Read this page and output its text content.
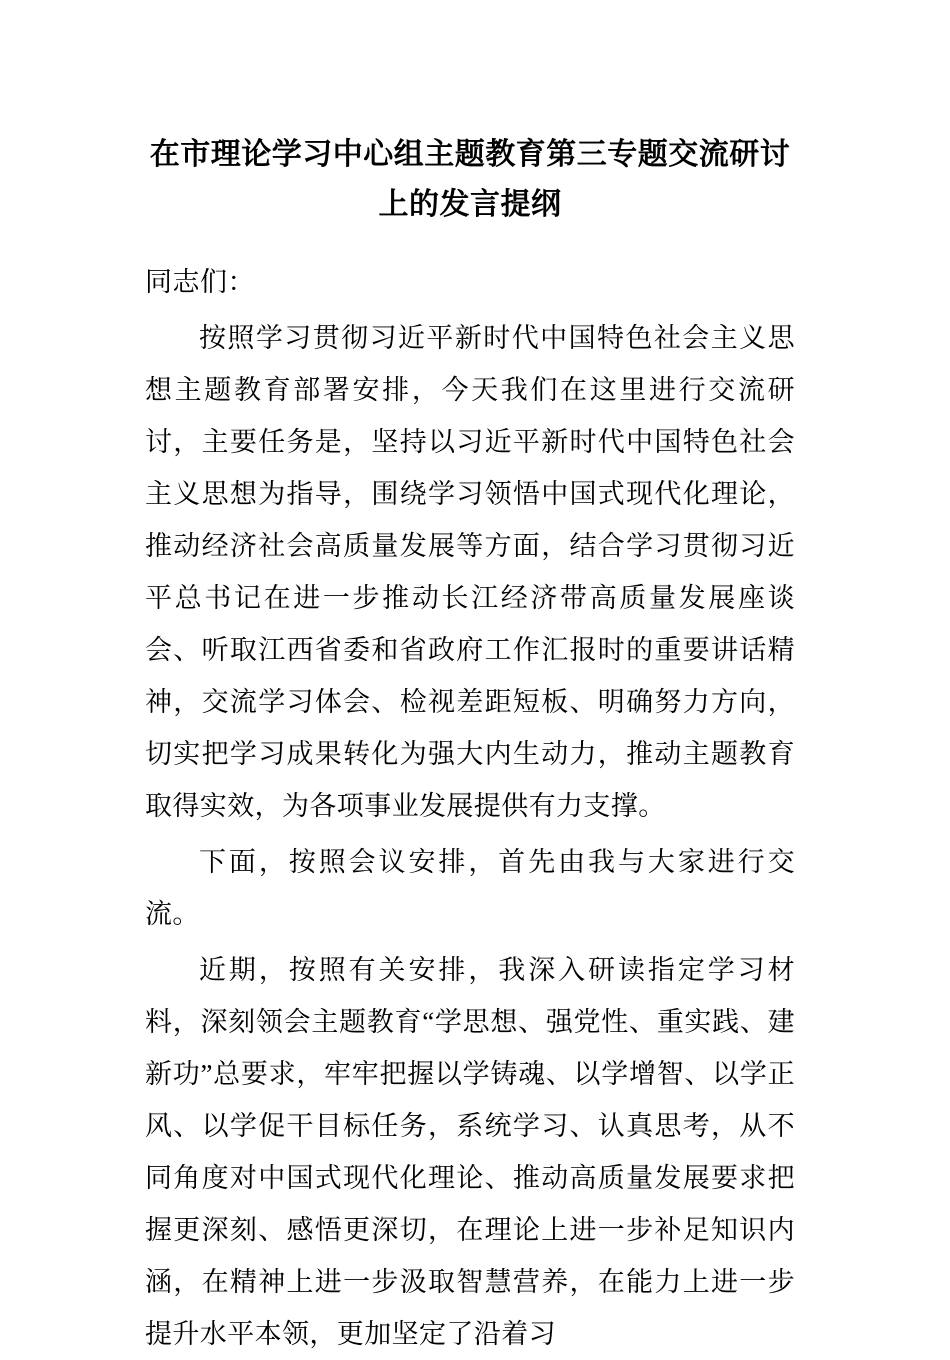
在市理论学习中心组主题教育第三专题交流研讨上的发言提纲

同志们：

按照学习贯彻习近平新时代中国特色社会主义思想主题教育部署安排，今天我们在这里进行交流研讨，主要任务是，坚持以习近平新时代中国特色社会主义思想为指导，围绕学习领悟中国式现代化理论，推动经济社会高质量发展等方面，结合学习贯彻习近平总书记在进一步推动长江经济带高质量发展座谈会、听取江西省委和省政府工作汇报时的重要讲话精神，交流学习体会、检视差距短板、明确努力方向，切实把学习成果转化为强大内生动力，推动主题教育取得实效，为各项事业发展提供有力支撑。

下面，按照会议安排，首先由我与大家进行交流。

近期，按照有关安排，我深入研读指定学习材料，深刻领会主题教育“学思想、强党性、重实践、建新功”总要求，牢牢把握以学铸魂、以学增智、以学正风、以学促干目标任务，系统学习、认真思考，从不同角度对中国式现代化理论、推动高质量发展要求把握更深刻、感悟更深切，在理论上进一步补足知识内涵，在精神上进一步汲取智慧营养，在能力上进一步提升水平本领，更加坚定了沿着习
